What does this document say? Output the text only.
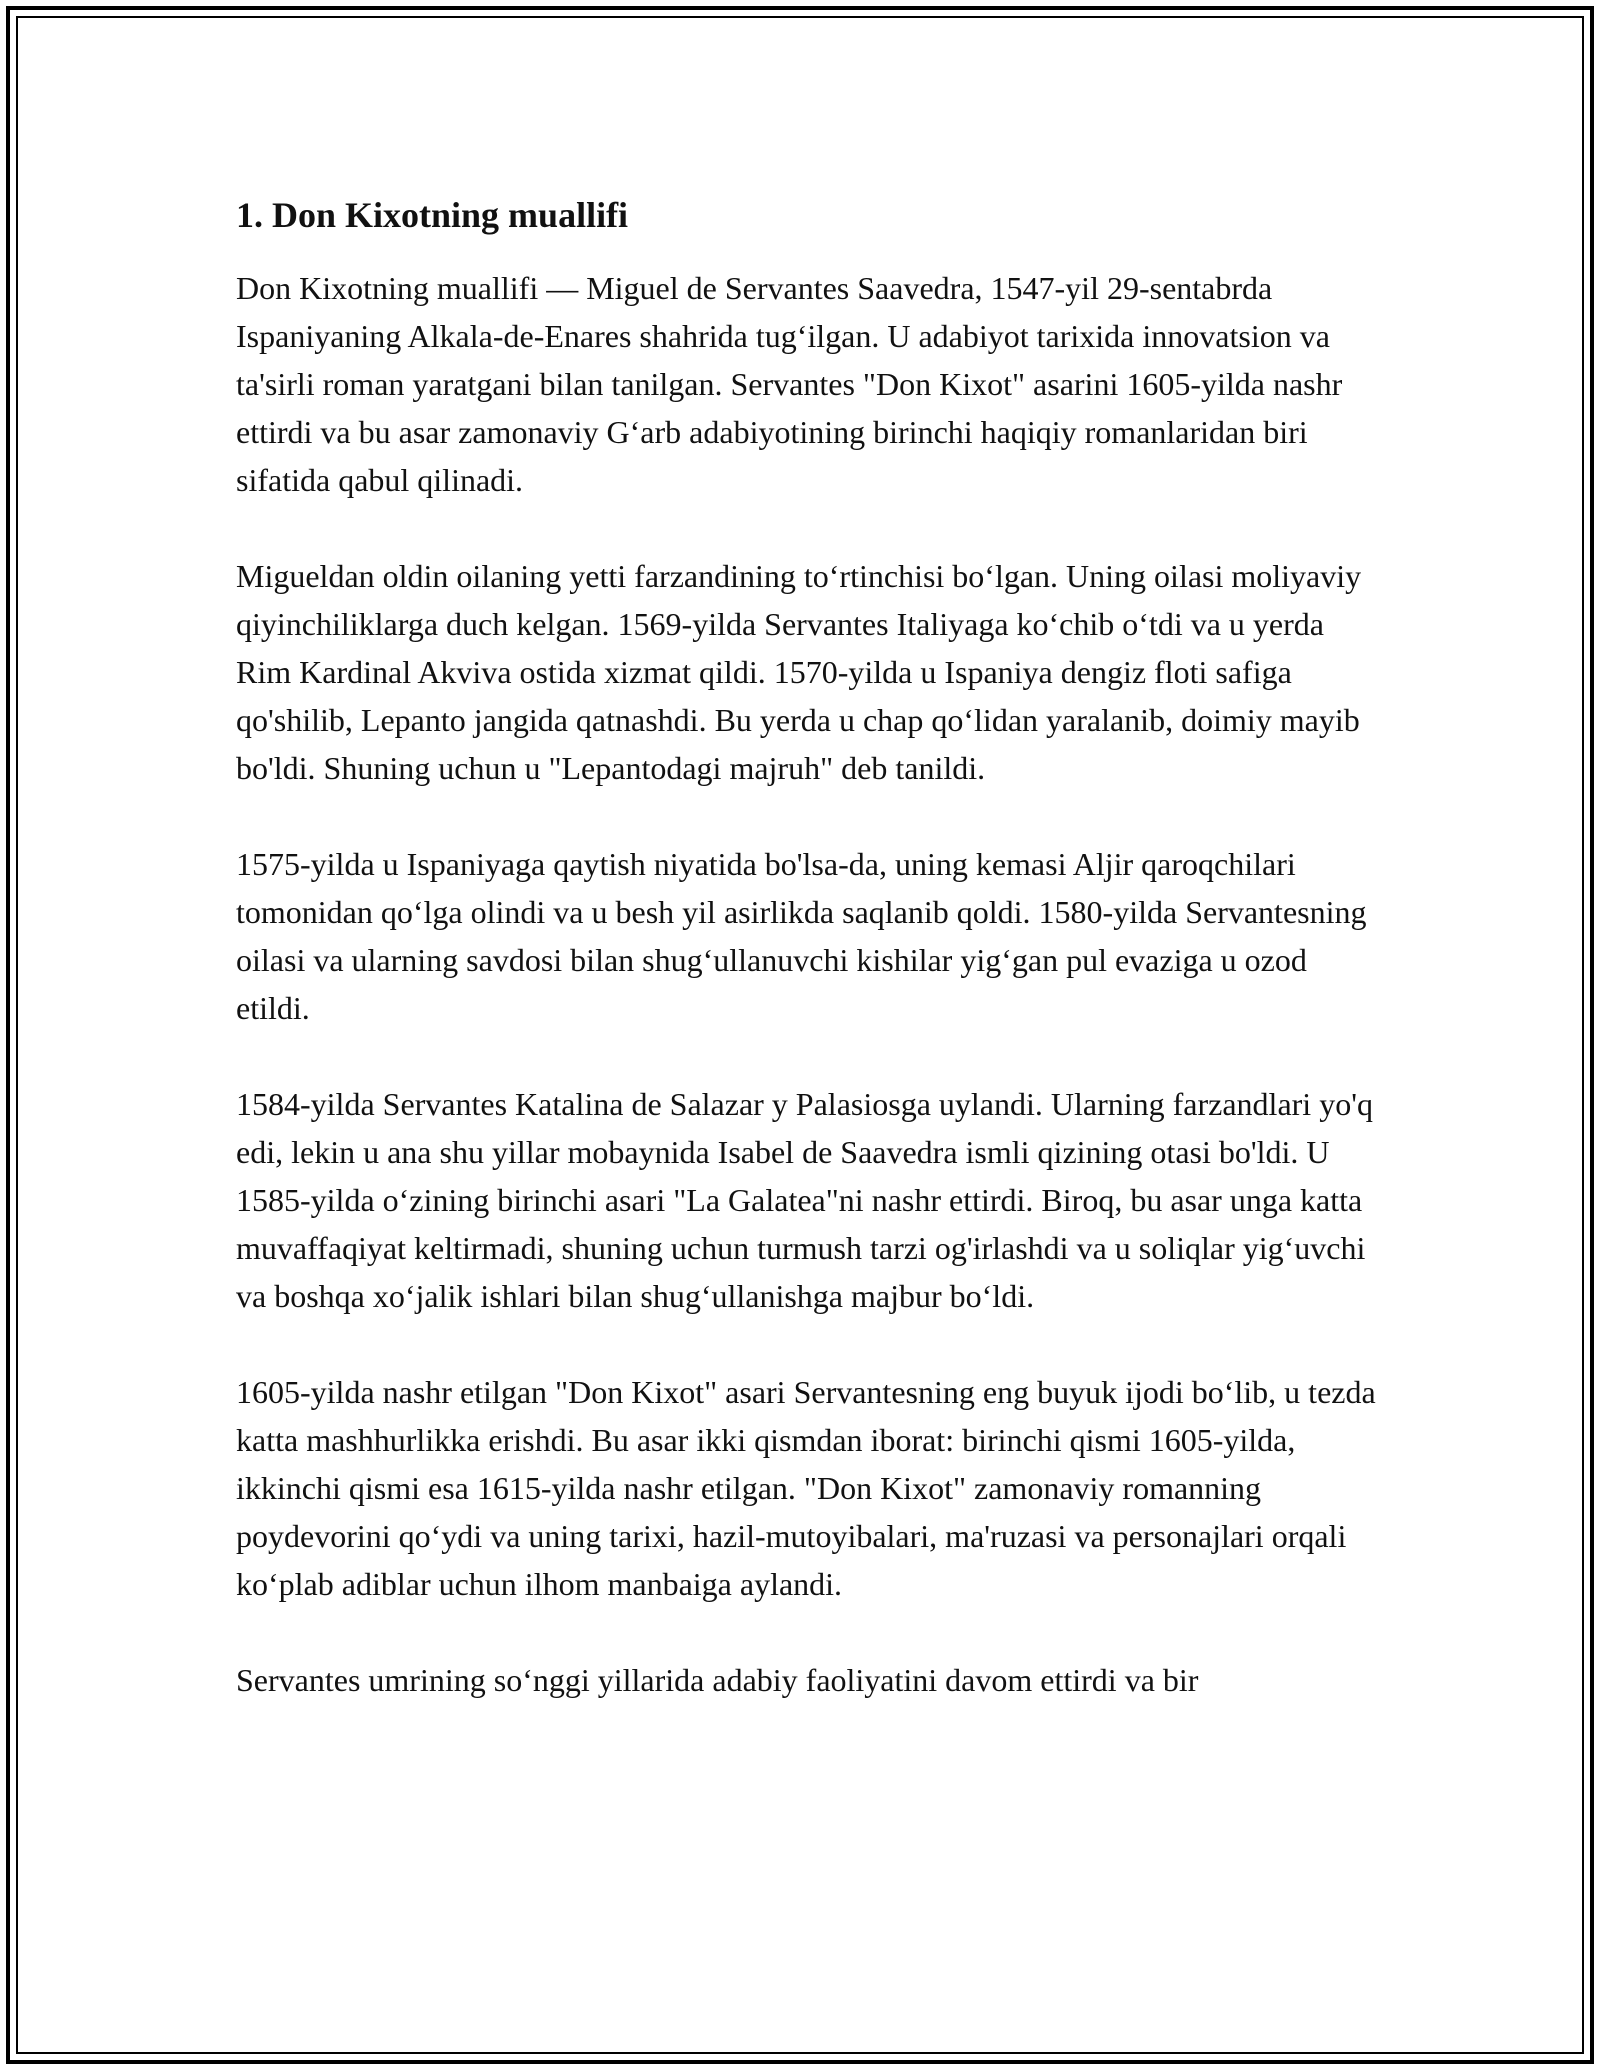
1. Don Kixotning muallifi

Don Kixotning muallifi — Miguel de Servantes Saavedra, 1547-yil 29-sentabrda Ispaniyaning Alkala-de-Enares shahrida tug‘ilgan. U adabiyot tarixida innovatsion va ta'sirli roman yaratgani bilan tanilgan. Servantes "Don Kixot" asarini 1605-yilda nashr ettirdi va bu asar zamonaviy G‘arb adabiyotining birinchi haqiqiy romanlaridan biri sifatida qabul qilinadi.

Migueldan oldin oilaning yetti farzandining to‘rtinchisi bo‘lgan. Uning oilasi moliyaviy qiyinchiliklarga duch kelgan. 1569-yilda Servantes Italiyaga ko‘chib o‘tdi va u yerda Rim Kardinal Akviva ostida xizmat qildi. 1570-yilda u Ispaniya dengiz floti safiga qo'shilib, Lepanto jangida qatnashdi. Bu yerda u chap qo‘lidan yaralanib, doimiy mayib bo'ldi. Shuning uchun u "Lepantodagi majruh" deb tanildi.

1575-yilda u Ispaniyaga qaytish niyatida bo'lsa-da, uning kemasi Aljir qaroqchilari tomonidan qo‘lga olindi va u besh yil asirlikda saqlanib qoldi. 1580-yilda Servantesning oilasi va ularning savdosi bilan shug‘ullanuvchi kishilar yig‘gan pul evaziga u ozod etildi.

1584-yilda Servantes Katalina de Salazar y Palasiosga uylandi. Ularning farzandlari yo'q edi, lekin u ana shu yillar mobaynida Isabel de Saavedra ismli qizining otasi bo'ldi. U 1585-yilda o‘zining birinchi asari "La Galatea"ni nashr ettirdi. Biroq, bu asar unga katta muvaffaqiyat keltirmadi, shuning uchun turmush tarzi og'irlashdi va u soliqlar yig‘uvchi va boshqa xo‘jalik ishlari bilan shug‘ullanishga majbur bo‘ldi.

1605-yilda nashr etilgan "Don Kixot" asari Servantesning eng buyuk ijodi bo‘lib, u tezda katta mashhurlikka erishdi. Bu asar ikki qismdan iborat: birinchi qismi 1605-yilda, ikkinchi qismi esa 1615-yilda nashr etilgan. "Don Kixot" zamonaviy romanning poydevorini qo‘ydi va uning tarixi, hazil-mutoyibalari, ma'ruzasi va personajlari orqali ko‘plab adiblar uchun ilhom manbaiga aylandi.

Servantes umrining so‘nggi yillarida adabiy faoliyatini davom ettirdi va bir
